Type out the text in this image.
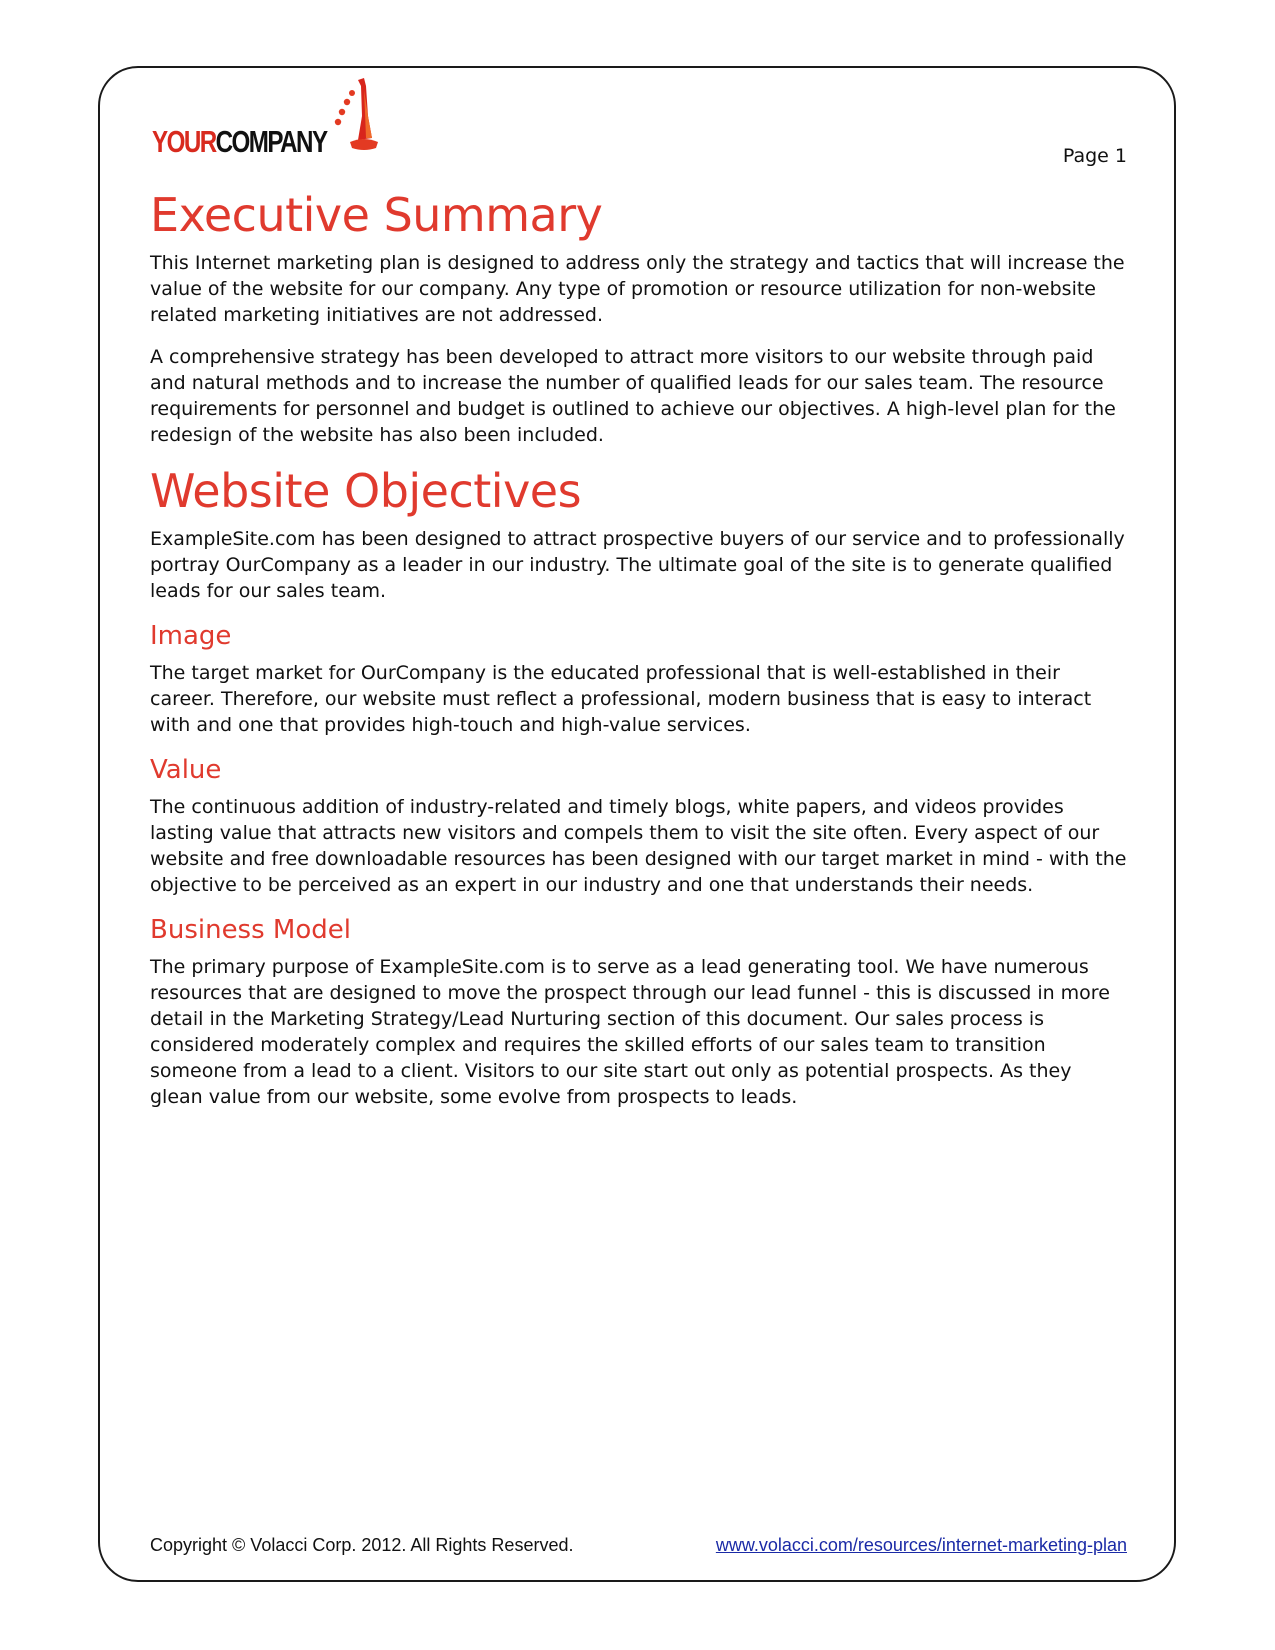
YOURCOMPANY	Page 1
Executive Summary

This Internet marketing plan is designed to address only the strategy and tactics that will increase the value of the website for our company. Any type of promotion or resource utilization for non-website related marketing initiatives are not addressed.

A comprehensive strategy has been developed to attract more visitors to our website through paid and natural methods and to increase the number of qualified leads for our sales team. The resource requirements for personnel and budget is outlined to achieve our objectives. A high-level plan for the redesign of the website has also been included.

Website Objectives

ExampleSite.com has been designed to attract prospective buyers of our service and to professionally portray OurCompany as a leader in our industry. The ultimate goal of the site is to generate qualified leads for our sales team.

Image

The target market for OurCompany is the educated professional that is well-established in their career. Therefore, our website must reflect a professional, modern business that is easy to interact with and one that provides high-touch and high-value services.

Value

The continuous addition of industry-related and timely blogs, white papers, and videos provides lasting value that attracts new visitors and compels them to visit the site often. Every aspect of our website and free downloadable resources has been designed with our target market in mind - with the objective to be perceived as an expert in our industry and one that understands their needs.

Business Model

The primary purpose of ExampleSite.com is to serve as a lead generating tool. We have numerous resources that are designed to move the prospect through our lead funnel - this is discussed in more detail in the Marketing Strategy/Lead Nurturing section of this document. Our sales process is considered moderately complex and requires the skilled efforts of our sales team to transition someone from a lead to a client. Visitors to our site start out only as potential prospects. As they glean value from our website, some evolve from prospects to leads.

Copyright © Volacci Corp. 2012. All Rights Reserved.	www.volacci.com/resources/internet-marketing-plan
